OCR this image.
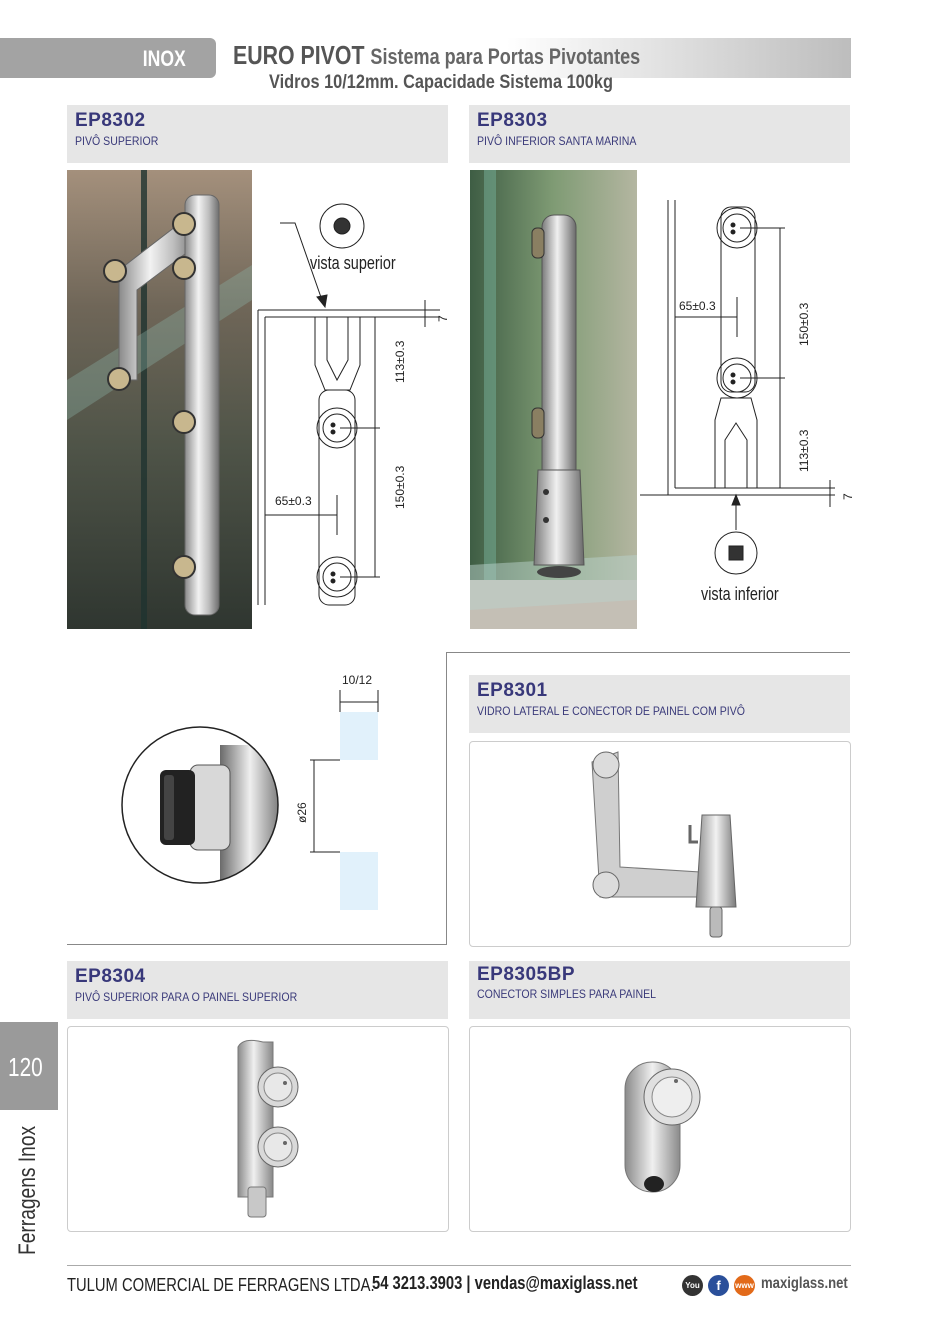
INOX EURO PIVOT Sistema para Portas Pivotantes
Vidros 10/12mm. Capacidade Sistema 100kg
EP8302
PIVÔ SUPERIOR
vista superior
7
113±0.3
150±0.3
65±0.3
EP8303
PIVÔ INFERIOR SANTA MARINA
150±0.3
113±0.3
7
65±0.3
vista inferior
10/12
ø26
EP8301
VIDRO LATERAL E CONECTOR DE PAINEL COM PIVÔ
EP8304
PIVÔ SUPERIOR PARA O PAINEL SUPERIOR
EP8305BP
CONECTOR SIMPLES PARA PAINEL
120
Ferragens Inox
TULUM COMERCIAL DE FERRAGENS LTDA.
54 3213.3903 | vendas@maxiglass.net	You	f	www maxiglass.net
